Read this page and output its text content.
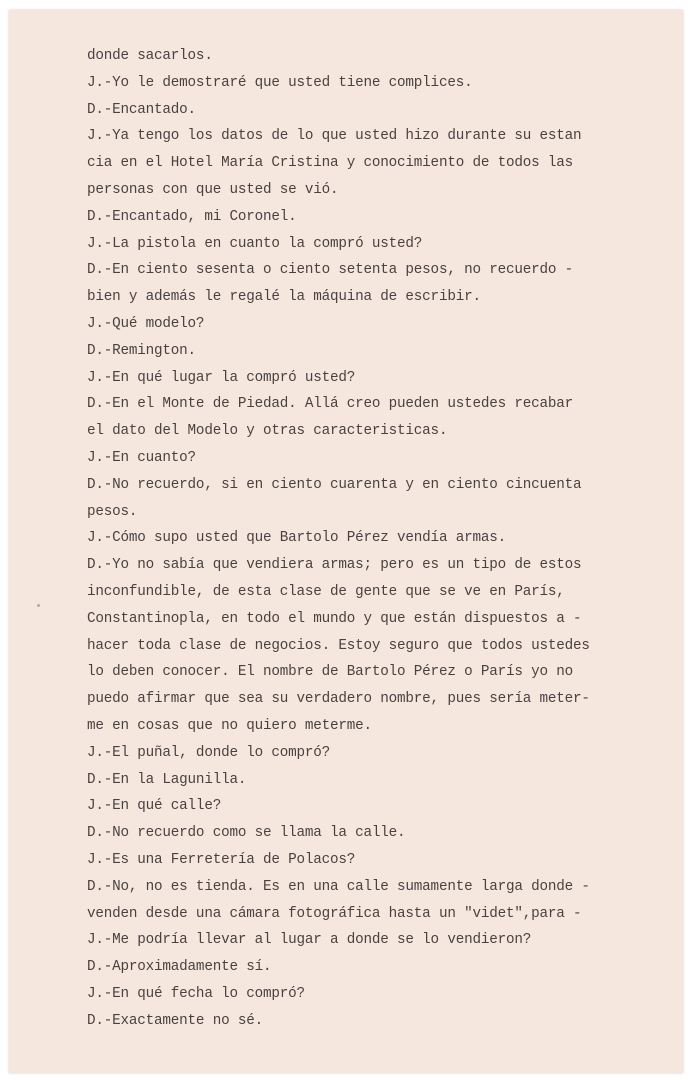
donde sacarlos.
J.-Yo le demostraré que usted tiene complices.
D.-Encantado.
J.-Ya tengo los datos de lo que usted hizo durante su estan
cia en el Hotel María Cristina y conocimiento de todos las
personas con que usted se vió.
D.-Encantado, mi Coronel.
J.-La pistola en cuanto la compró usted?
D.-En ciento sesenta o ciento setenta pesos, no recuerdo -
bien y además le regalé la máquina de escribir.
J.-Qué modelo?
D.-Remington.
J.-En qué lugar la compró usted?
D.-En el Monte de Piedad. Allá creo pueden ustedes recabar
el dato del Modelo y otras caracteristicas.
J.-En cuanto?
D.-No recuerdo, si en ciento cuarenta y en ciento cincuenta
pesos.
J.-Cómo supo usted que Bartolo Pérez vendía armas.
D.-Yo no sabía que vendiera armas; pero es un tipo de estos
inconfundible, de esta clase de gente que se ve en París,
Constantinopla, en todo el mundo y que están dispuestos a -
hacer toda clase de negocios. Estoy seguro que todos ustedes
lo deben conocer. El nombre de Bartolo Pérez o París yo no
puedo afirmar que sea su verdadero nombre, pues sería meter-
me en cosas que no quiero meterme.
J.-El puñal, donde lo compró?
D.-En la Lagunilla.
J.-En qué calle?
D.-No recuerdo como se llama la calle.
J.-Es una Ferretería de Polacos?
D.-No, no es tienda. Es en una calle sumamente larga donde -
venden desde una cámara fotográfica hasta un "videt",para -
J.-Me podría llevar al lugar a donde se lo vendieron?
D.-Aproximadamente sí.
J.-En qué fecha lo compró?
D.-Exactamente no sé.
